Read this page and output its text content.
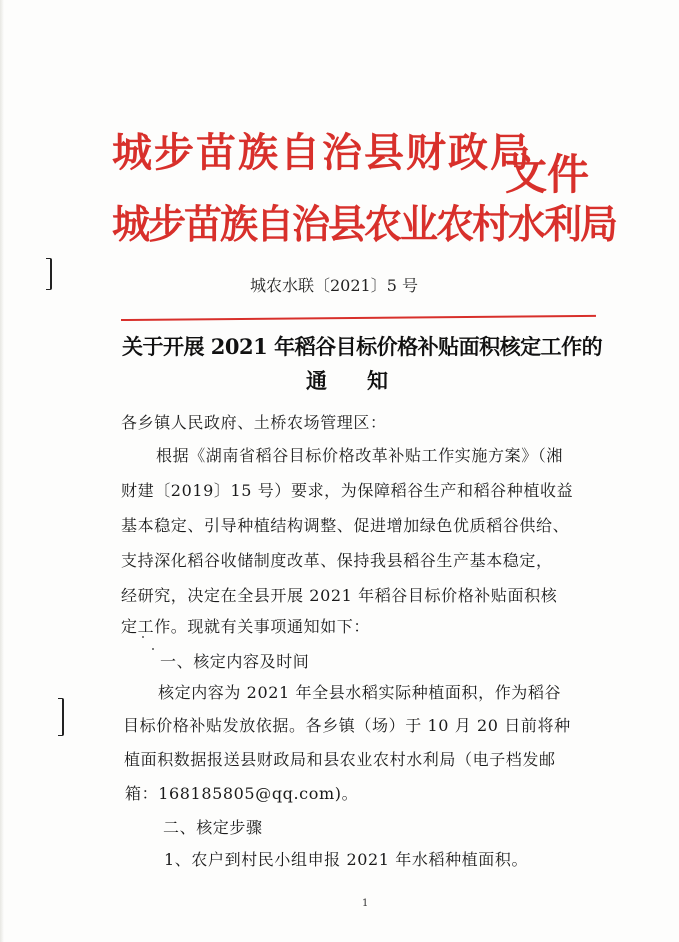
城步苗族自治县财政局
城步苗族自治县农业农村水利局
文件
城农水联〔2021〕5 号
关于开展 2021 年稻谷目标价格补贴面积核定工作的
通 知
各乡镇人民政府、土桥农场管理区：
根据《湖南省稻谷目标价格改革补贴工作实施方案》（湘
财建〔2019〕15 号）要求，为保障稻谷生产和稻谷种植收益
基本稳定、引导种植结构调整、促进增加绿色优质稻谷供给、
支持深化稻谷收储制度改革、保持我县稻谷生产基本稳定，
经研究，决定在全县开展 2021 年稻谷目标价格补贴面积核
定工作。现就有关事项通知如下：
一、核定内容及时间
核定内容为 2021 年全县水稻实际种植面积，作为稻谷
目标价格补贴发放依据。各乡镇（场）于 10 月 20 日前将种
植面积数据报送县财政局和县农业农村水利局（电子档发邮
箱：168185805@qq.com)。
二、核定步骤
1、农户到村民小组申报 2021 年水稻种植面积。
1
